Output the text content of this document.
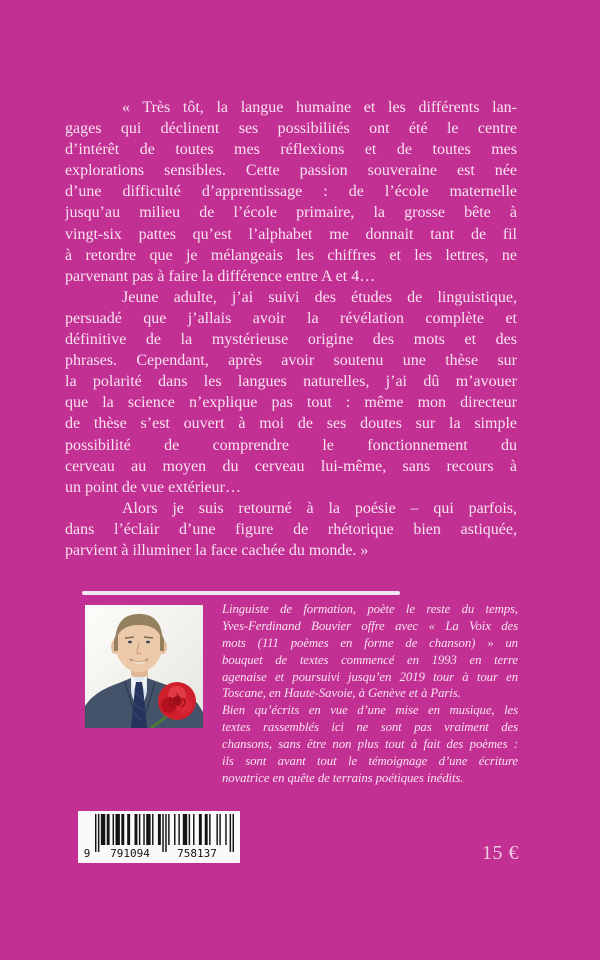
« Très tôt, la langue humaine et les différents lan-
gages qui déclinent ses possibilités ont été le centre
d’intérêt de toutes mes réflexions et de toutes mes
explorations sensibles. Cette passion souveraine est née
d’une difficulté d’apprentissage : de l’école maternelle
jusqu’au milieu de l’école primaire, la grosse bête à
vingt-six pattes qu’est l’alphabet me donnait tant de fil
à retordre que je mélangeais les chiffres et les lettres, ne
parvenant pas à faire la différence entre A et 4…
Jeune adulte, j’ai suivi des études de linguistique,
persuadé que j’allais avoir la révélation complète et
définitive de la mystérieuse origine des mots et des
phrases. Cependant, après avoir soutenu une thèse sur
la polarité dans les langues naturelles, j’ai dû m’avouer
que la science n’explique pas tout : même mon directeur
de thèse s’est ouvert à moi de ses doutes sur la simple
possibilité de comprendre le fonctionnement du
cerveau au moyen du cerveau lui-même, sans recours à
un point de vue extérieur…
Alors je suis retourné à la poésie – qui parfois,
dans l’éclair d’une figure de rhétorique bien astiquée,
parvient à illuminer la face cachée du monde. »
Linguiste de formation, poète le reste du temps,
Yves-Ferdinand Bouvier offre avec « La Voix des
mots (111 poèmes en forme de chanson) » un
bouquet de textes commencé en 1993 en terre
agenaise et poursuivi jusqu’en 2019 tour à tour en
Toscane, en Haute-Savoie, à Genève et à Paris.
Bien qu’écrits en vue d’une mise en musique, les
textes rassemblés ici ne sont pas vraiment des
chansons, sans être non plus tout à fait des poèmes :
ils sont avant tout le témoignage d’une écriture
novatrice en quête de terrains poétiques inédits.
9	791094 758137	15 €
